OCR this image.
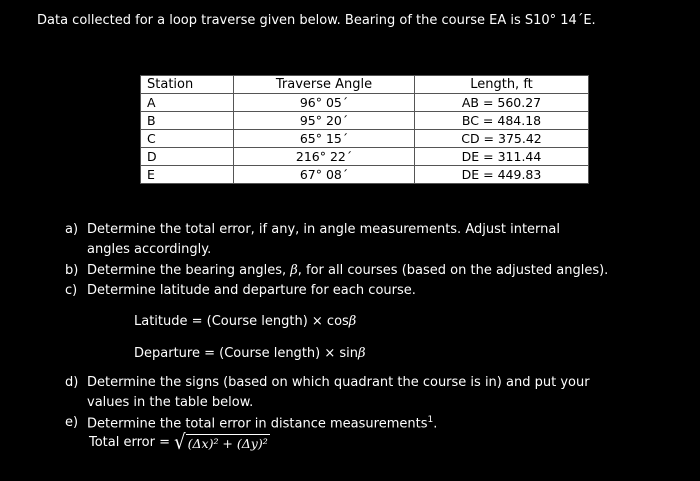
Data collected for a loop traverse given below. Bearing of the course EA is S10° 14´E.
Station	Traverse Angle	Length, ft
A	96° 05´	AB = 560.27
B	95° 20´	BC = 484.18
C	65° 15´	CD = 375.42
D	216° 22´	DE = 311.44
E	67° 08´	DE = 449.83
a) Determine the total error, if any, in angle measurements. Adjust internal
angles accordingly.
b) Determine the bearing angles, β, for all courses (based on the adjusted angles).
c) Determine latitude and departure for each course.
Latitude = (Course length) × cosβ
Departure = (Course length) × sinβ
d) Determine the signs (based on which quadrant the course is in) and put your
values in the table below.
e) Determine the total error in distance measurements$^1$.
Total error = √ (Δx)² + (Δy)²
